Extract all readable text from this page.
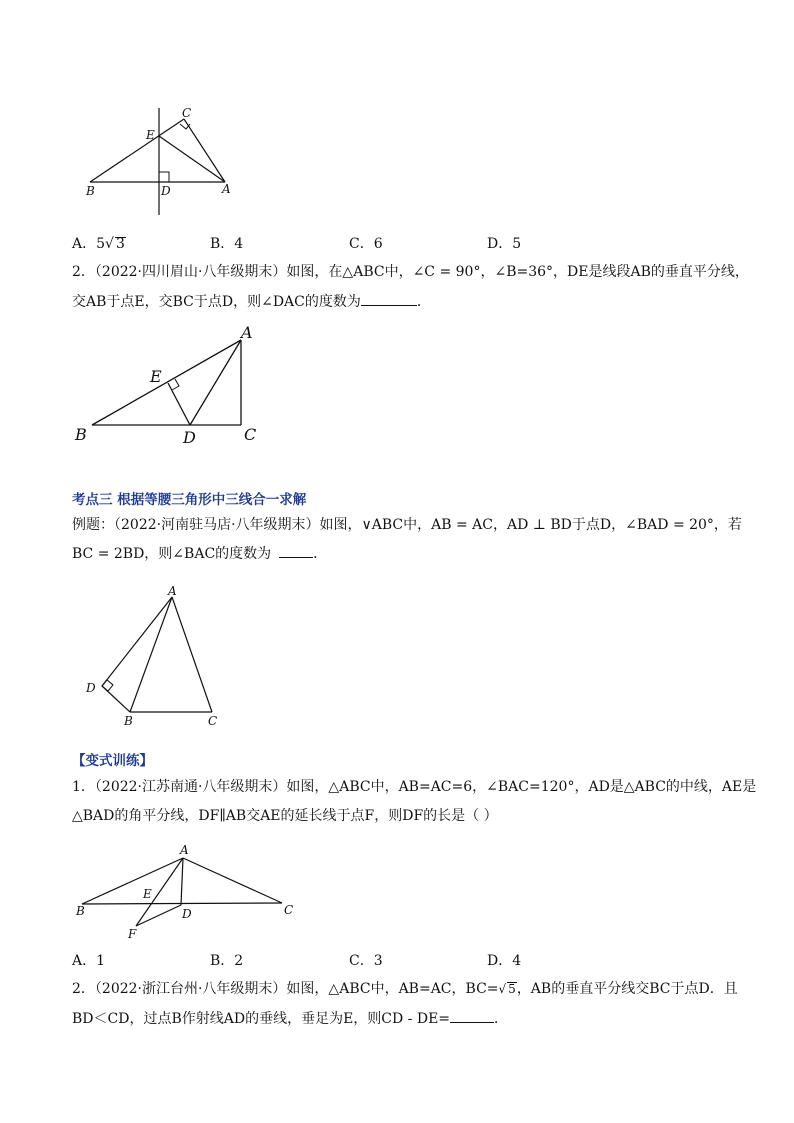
C
E
B	D	A
A．5√ 3	B．4	C．6	D．5
2．（2022·四川眉山·八年级期末）如图，在△ABC中，∠C = 90°，∠B=36°，DE是线段AB的垂直平分线，
交AB于点E，交BC于点D，则∠DAC的度数为	．
A
E
B	D	C
考点三 根据等腰三角形中三线合一求解
例题：（2022·河南驻马店·八年级期末）如图，∨ABC中，AB = AC，AD ⊥ BD于点D，∠BAD = 20°，若
BC = 2BD，则∠BAC的度数为	．
A
D
B	C
【变式训练】
1．（2022·江苏南通·八年级期末）如图，△ABC中，AB=AC=6，∠BAC=120°，AD是△ABC的中线，AE是
△BAD的角平分线，DF∥AB交AE的延长线于点F，则DF的长是（ ）
A
E
B	D	C
F
A．1	B．2	C．3	D．4
2．（2022·浙江台州·八年级期末）如图，△ABC中，AB=AC，BC=√ 5，AB的垂直平分线交BC于点D．且
BD＜CD，过点B作射线AD的垂线，垂足为E，则CD - DE=	．
